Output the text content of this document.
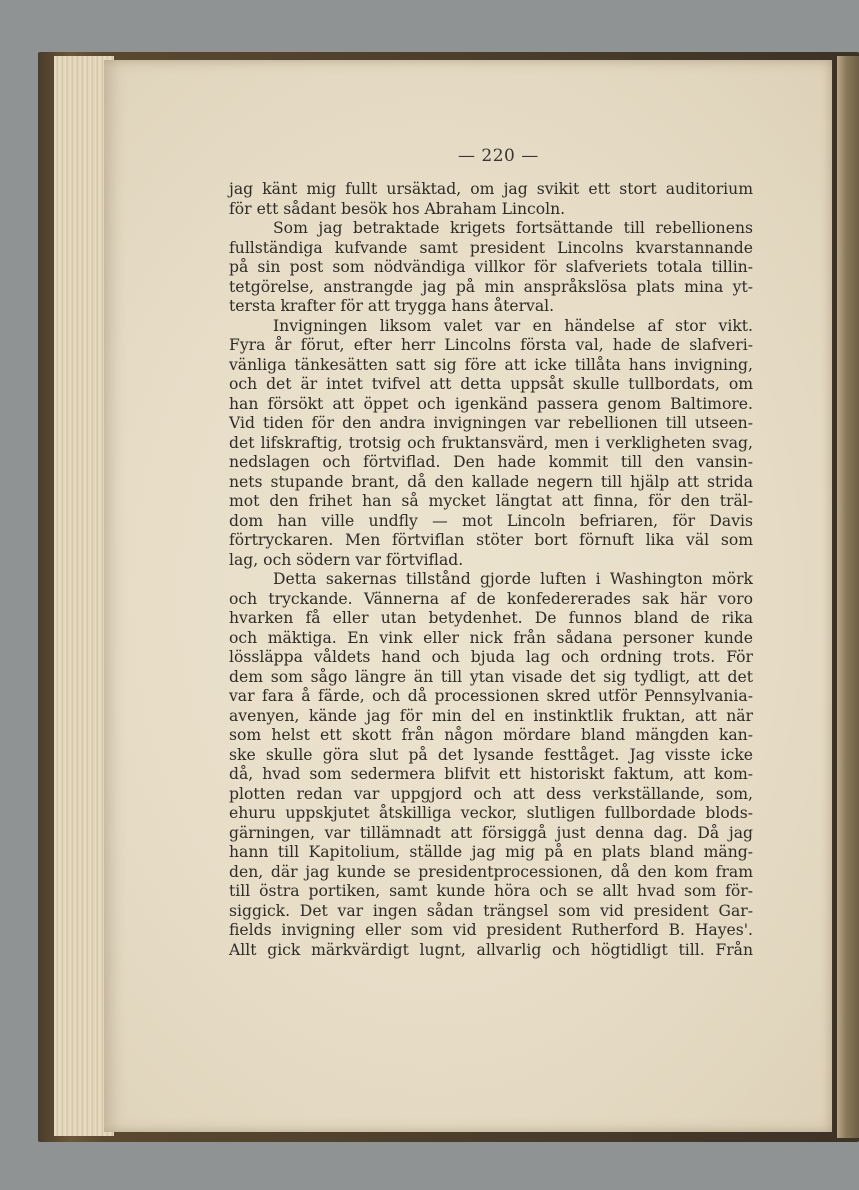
— 220 —
jag känt mig fullt ursäktad, om jag svikit ett stort auditorium
för ett sådant besök hos Abraham Lincoln.
Som jag betraktade krigets fortsättande till rebellionens
fullständiga kufvande samt president Lincolns kvarstannande
på sin post som nödvändiga villkor för slafveriets totala tillin-
tetgörelse, anstrangde jag på min anspråkslösa plats mina yt-
tersta krafter för att trygga hans återval.
Invigningen liksom valet var en händelse af stor vikt.
Fyra år förut, efter herr Lincolns första val, hade de slafveri-
vänliga tänkesätten satt sig före att icke tillåta hans invigning,
och det är intet tvifvel att detta uppsåt skulle tullbordats, om
han försökt att öppet och igenkänd passera genom Baltimore.
Vid tiden för den andra invigningen var rebellionen till utseen-
det lifskraftig, trotsig och fruktansvärd, men i verkligheten svag,
nedslagen och förtviflad. Den hade kommit till den vansin-
nets stupande brant, då den kallade negern till hjälp att strida
mot den frihet han så mycket längtat att finna, för den träl-
dom han ville undfly — mot Lincoln befriaren, för Davis
förtryckaren. Men förtviflan stöter bort förnuft lika väl som
lag, och södern var förtviflad.
Detta sakernas tillstånd gjorde luften i Washington mörk
och tryckande. Vännerna af de konfedererades sak här voro
hvarken få eller utan betydenhet. De funnos bland de rika
och mäktiga. En vink eller nick från sådana personer kunde
lössläppa våldets hand och bjuda lag och ordning trots. För
dem som sågo längre än till ytan visade det sig tydligt, att det
var fara å färde, och då processionen skred utför Pennsylvania-
avenyen, kände jag för min del en instinktlik fruktan, att när
som helst ett skott från någon mördare bland mängden kan-
ske skulle göra slut på det lysande festtåget. Jag visste icke
då, hvad som sedermera blifvit ett historiskt faktum, att kom-
plotten redan var uppgjord och att dess verkställande, som,
ehuru uppskjutet åtskilliga veckor, slutligen fullbordade blods-
gärningen, var tillämnadt att försiggå just denna dag. Då jag
hann till Kapitolium, ställde jag mig på en plats bland mäng-
den, där jag kunde se presidentprocessionen, då den kom fram
till östra portiken, samt kunde höra och se allt hvad som för-
siggick. Det var ingen sådan trängsel som vid president Gar-
fields invigning eller som vid president Rutherford B. Hayes'.
Allt gick märkvärdigt lugnt, allvarlig och högtidligt till. Från
